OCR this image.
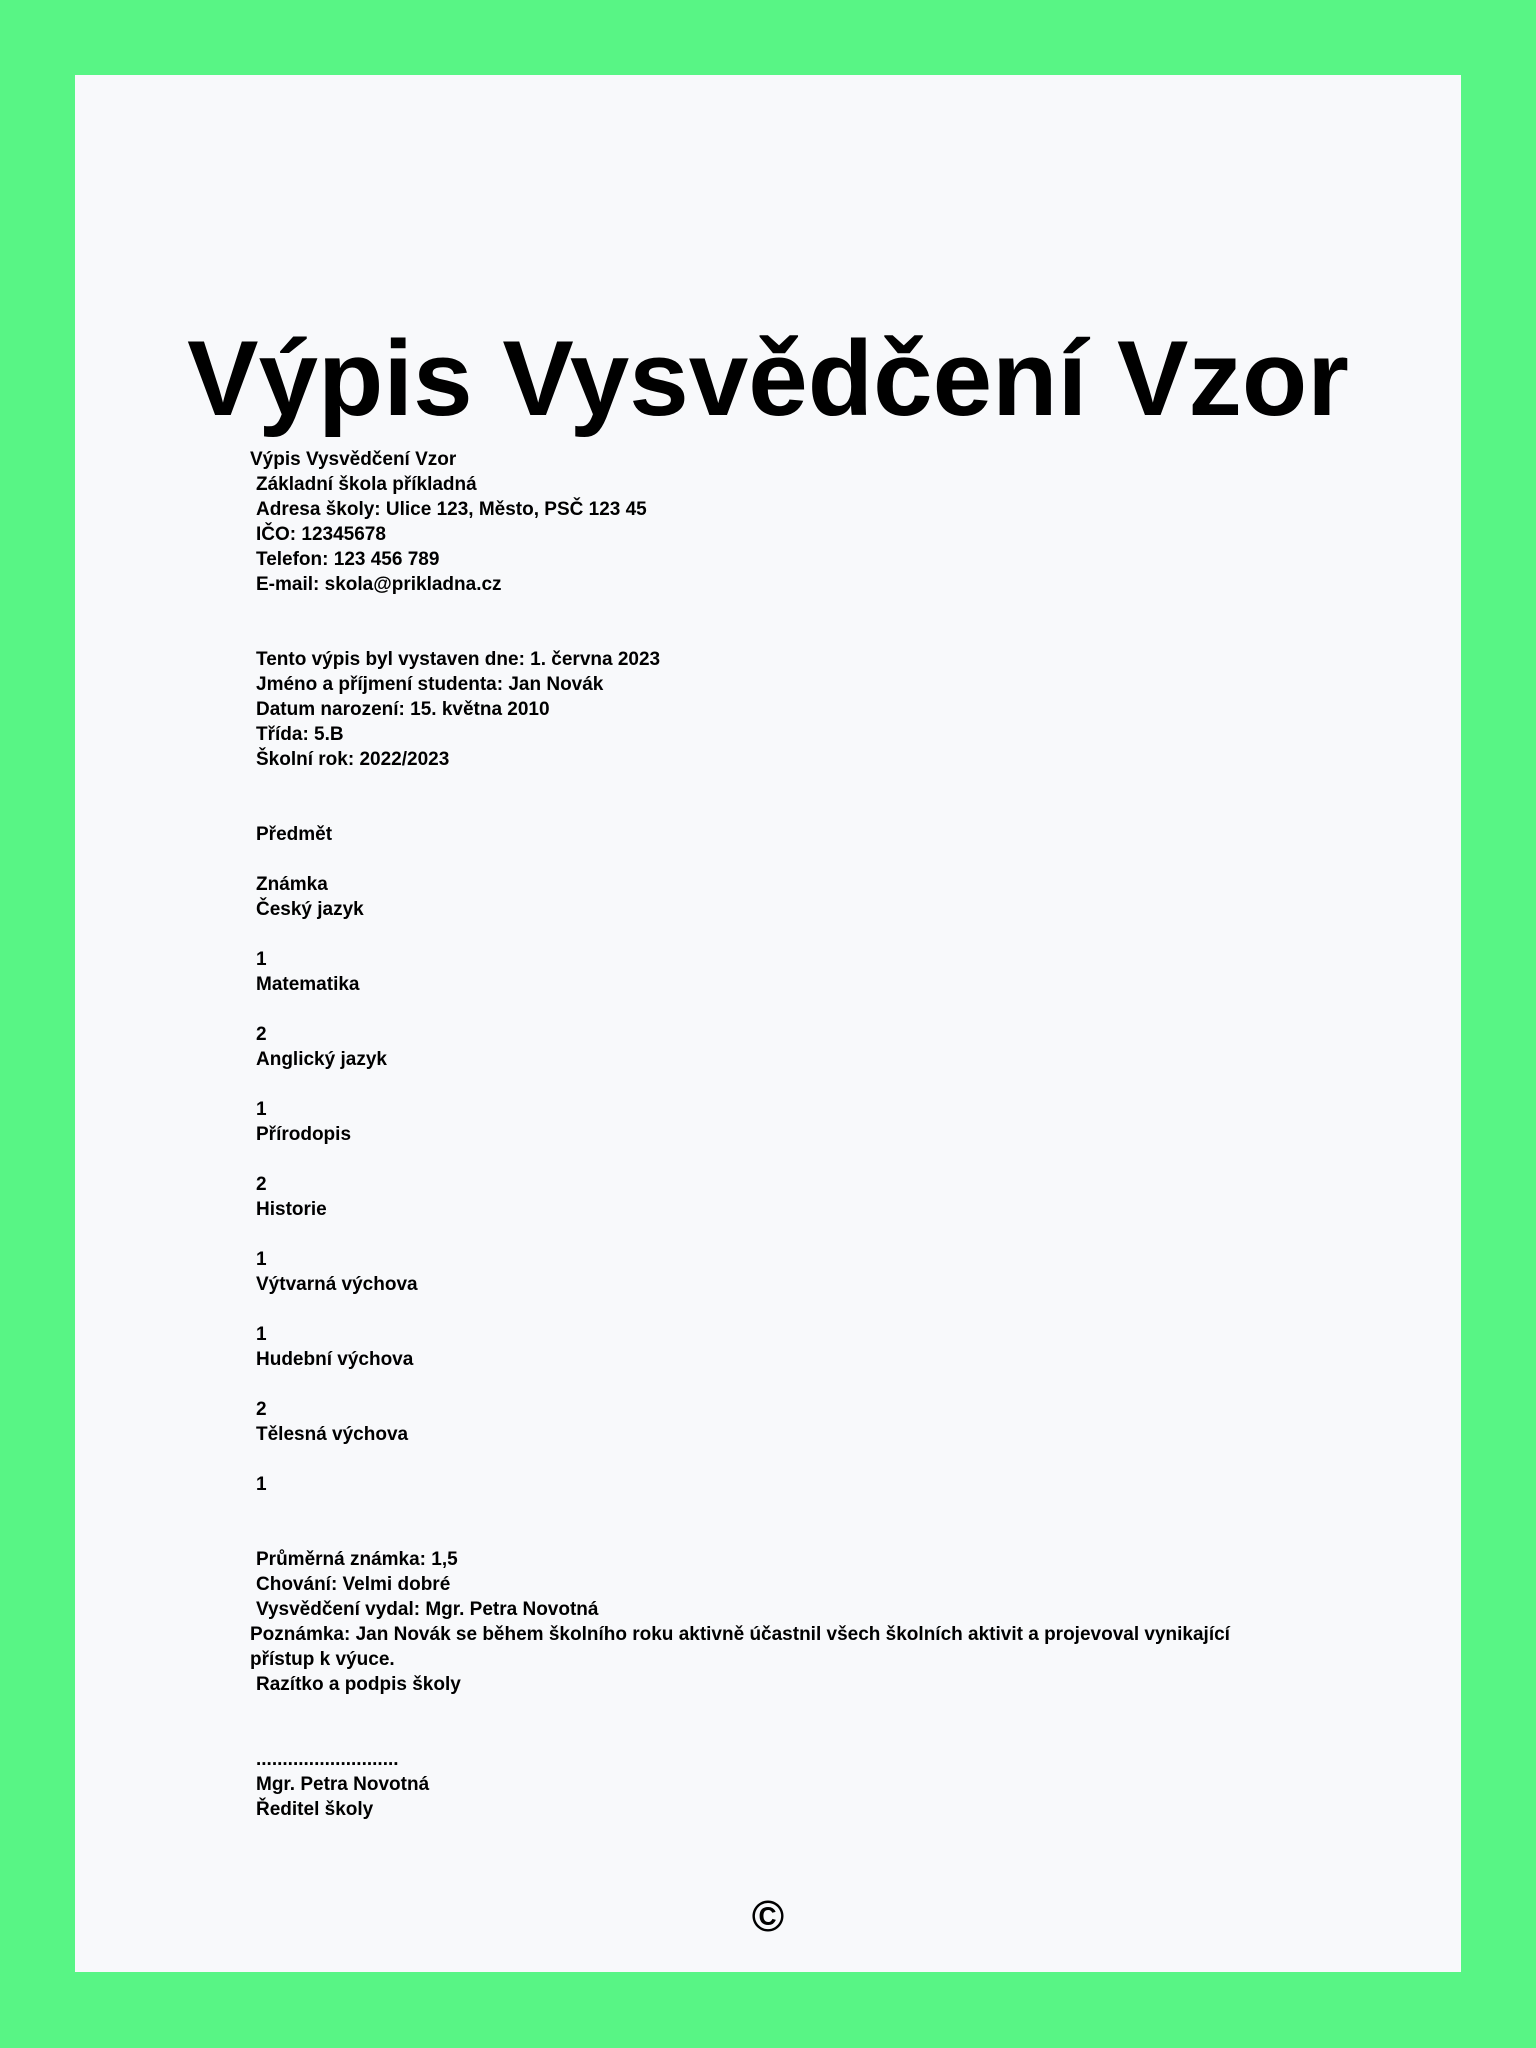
Výpis Vysvědčení Vzor
Výpis Vysvědčení Vzor
Základní škola příkladná
Adresa školy: Ulice 123, Město, PSČ 123 45
IČO: 12345678
Telefon: 123 456 789
E-mail: skola@prikladna.cz
Tento výpis byl vystaven dne: 1. června 2023
Jméno a příjmení studenta: Jan Novák
Datum narození: 15. května 2010
Třída: 5.B
Školní rok: 2022/2023
Předmět
Známka
Český jazyk
1
Matematika
2
Anglický jazyk
1
Přírodopis
2
Historie
1
Výtvarná výchova
1
Hudební výchova
2
Tělesná výchova
1
Průměrná známka: 1,5
Chování: Velmi dobré
Vysvědčení vydal: Mgr. Petra Novotná
Poznámka: Jan Novák se během školního roku aktivně účastnil všech školních aktivit a projevoval vynikající přístup k výuce.
Razítko a podpis školy
...........................
Mgr. Petra Novotná
Ředitel školy
©
